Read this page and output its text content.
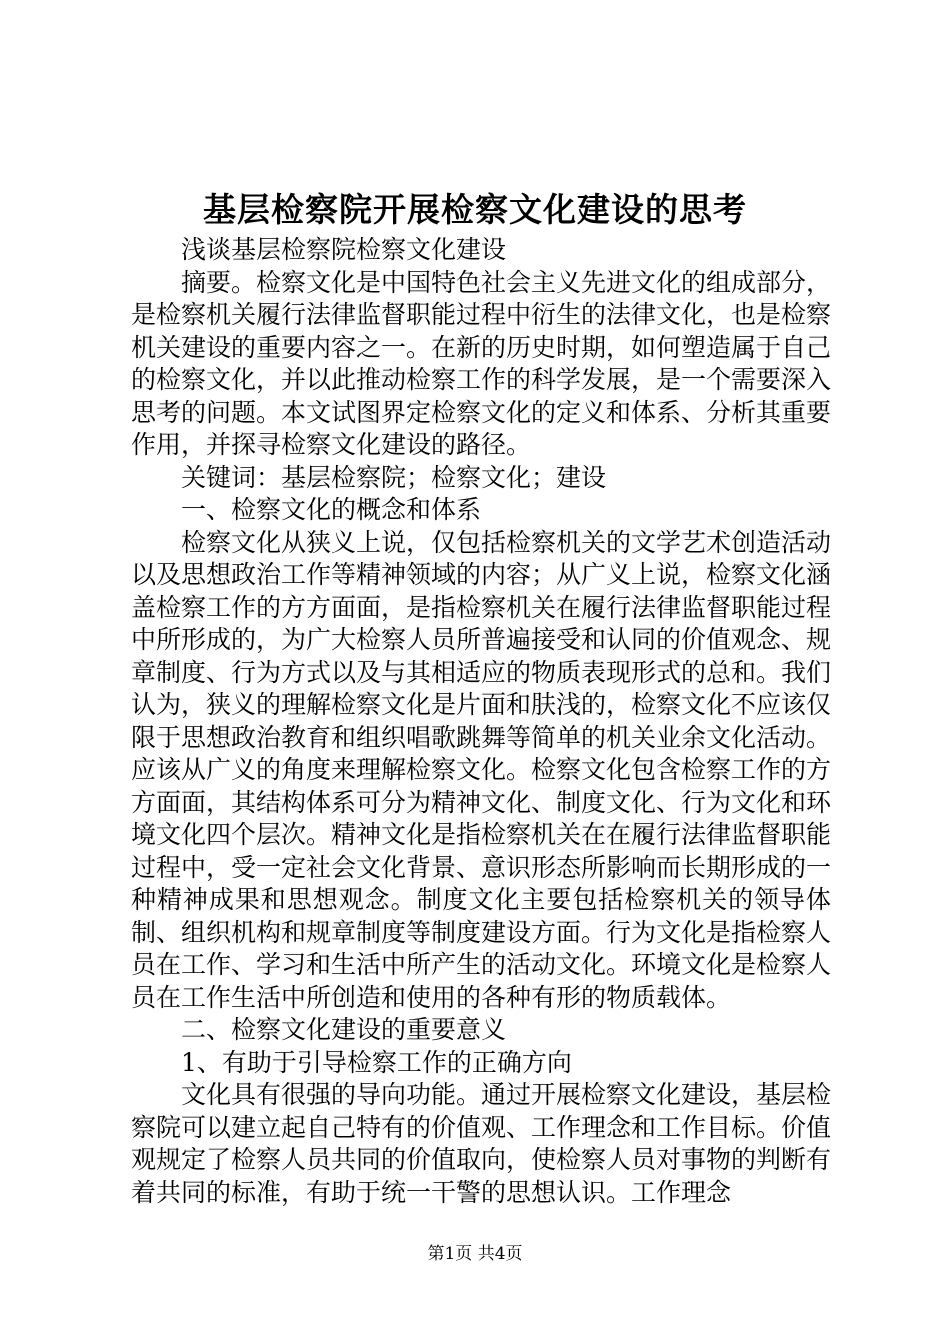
基层检察院开展检察文化建设的思考

浅谈基层检察院检察文化建设

摘要。检察文化是中国特色社会主义先进文化的组成部分，是检察机关履行法律监督职能过程中衍生的法律文化，也是检察机关建设的重要内容之一。在新的历史时期，如何塑造属于自己的检察文化，并以此推动检察工作的科学发展，是一个需要深入思考的问题。本文试图界定检察文化的定义和体系、分析其重要作用，并探寻检察文化建设的路径。

关键词：基层检察院；检察文化；建设

一、检察文化的概念和体系

检察文化从狭义上说，仅包括检察机关的文学艺术创造活动以及思想政治工作等精神领域的内容；从广义上说，检察文化涵盖检察工作的方方面面，是指检察机关在履行法律监督职能过程中所形成的，为广大检察人员所普遍接受和认同的价值观念、规章制度、行为方式以及与其相适应的物质表现形式的总和。我们认为，狭义的理解检察文化是片面和肤浅的，检察文化不应该仅限于思想政治教育和组织唱歌跳舞等简单的机关业余文化活动。应该从广义的角度来理解检察文化。检察文化包含检察工作的方方面面，其结构体系可分为精神文化、制度文化、行为文化和环境文化四个层次。精神文化是指检察机关在在履行法律监督职能过程中，受一定社会文化背景、意识形态所影响而长期形成的一种精神成果和思想观念。制度文化主要包括检察机关的领导体制、组织机构和规章制度等制度建设方面。行为文化是指检察人员在工作、学习和生活中所产生的活动文化。环境文化是检察人员在工作生活中所创造和使用的各种有形的物质载体。

二、检察文化建设的重要意义

1、有助于引导检察工作的正确方向

文化具有很强的导向功能。通过开展检察文化建设，基层检察院可以建立起自己特有的价值观、工作理念和工作目标。价值观规定了检察人员共同的价值取向，使检察人员对事物的判断有着共同的标准，有助于统一干警的思想认识。工作理念

第1页 共4页
